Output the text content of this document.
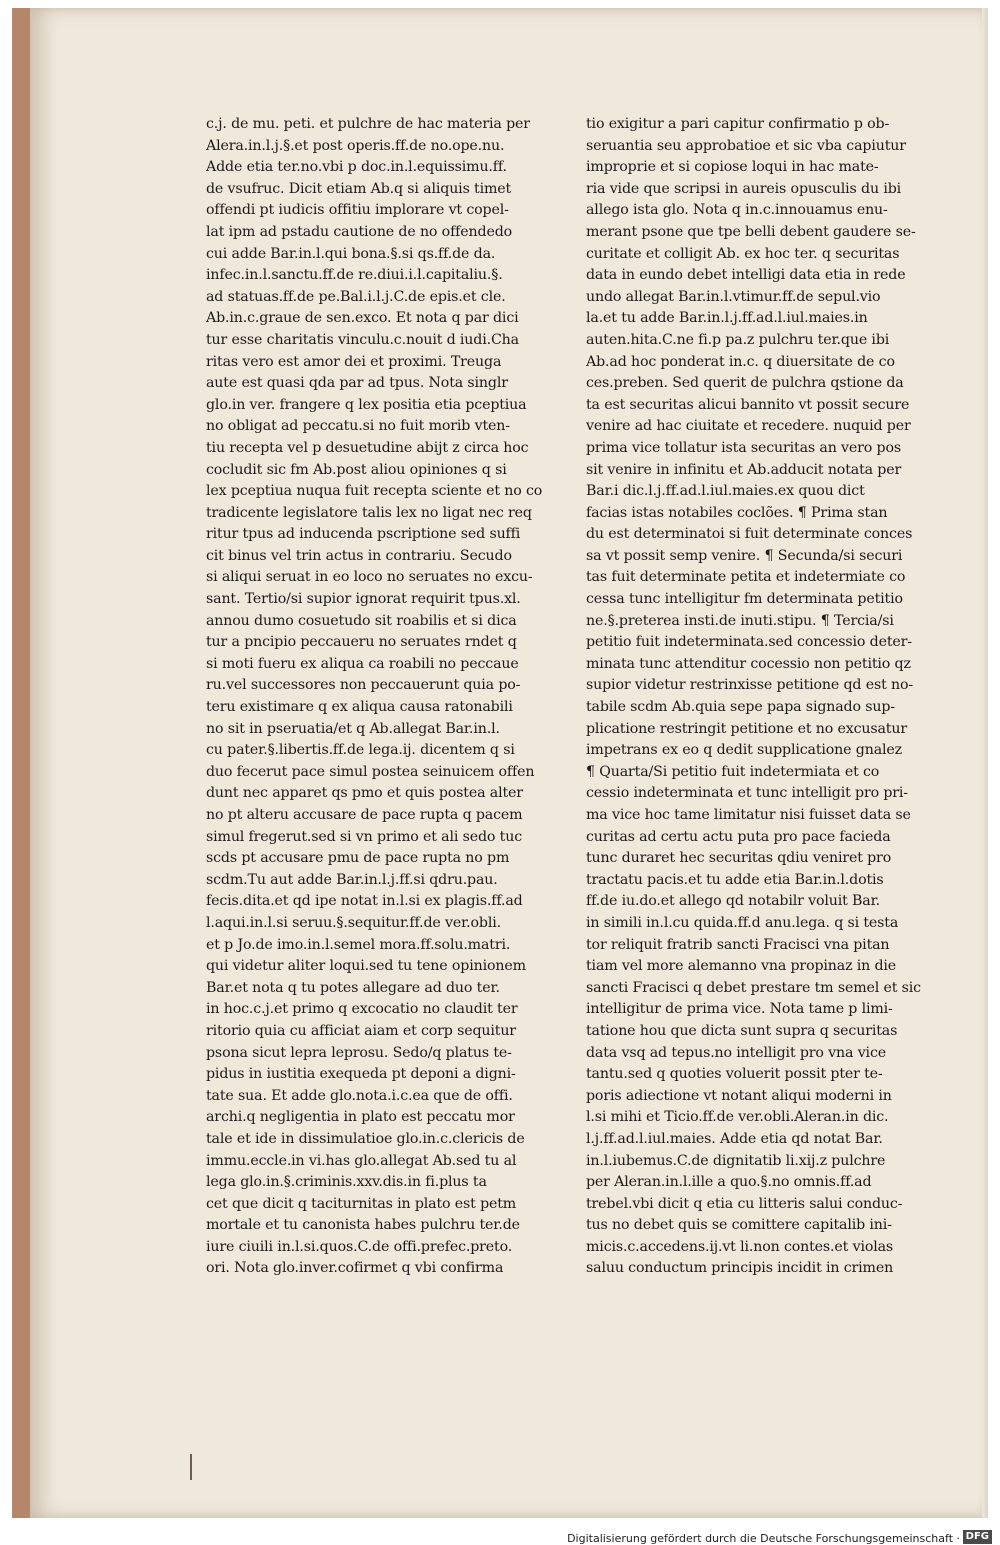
c.j. de mu. peti. et pulchre de hac materia per
Alera.in.l.j.§.et post operis.ff.de no.ope.nu.
Adde etia ter.no.vbi p doc.in.l.equissimu.ff.
de vsufruc. Dicit etiam Ab.q si aliquis timet
offendi pt iudicis offitiu implorare vt copel-
lat ipm ad pstadu cautione de no offendedo
cui adde Bar.in.l.qui bona.§.si qs.ff.de da.
infec.in.l.sanctu.ff.de re.diui.i.l.capitaliu.§.
ad statuas.ff.de pe.Bal.i.l.j.C.de epis.et cle.
Ab.in.c.graue de sen.exco. Et nota q par dici
tur esse charitatis vinculu.c.nouit d iudi.Cha
ritas vero est amor dei et proximi. Treuga
aute est quasi qda par ad tpus. Nota singlr
glo.in ver. frangere q lex positia etia pceptiua
no obligat ad peccatu.si no fuit morib vten-
tiu recepta vel p desuetudine abijt z circa hoc
cocludit sic fm Ab.post aliou opiniones q si
lex pceptiua nuqua fuit recepta sciente et no co
tradicente legislatore talis lex no ligat nec req
ritur tpus ad inducenda pscriptione sed suffi
cit binus vel trin actus in contrariu. Secudo
si aliqui seruat in eo loco no seruates no excu-
sant. Tertio/si supior ignorat requirit tpus.xl.
annou dumo cosuetudo sit roabilis et si dica
tur a pncipio peccaueru no seruates rndet q
si moti fueru ex aliqua ca roabili no peccaue
ru.vel successores non peccauerunt quia po-
teru existimare q ex aliqua causa ratonabili
no sit in pseruatia/et q Ab.allegat Bar.in.l.
cu pater.§.libertis.ff.de lega.ij. dicentem q si
duo fecerut pace simul postea seinuicem offen
dunt nec apparet qs pmo et quis postea alter
no pt alteru accusare de pace rupta q pacem
simul fregerut.sed si vn primo et ali sedo tuc
scds pt accusare pmu de pace rupta no pm
scdm.Tu aut adde Bar.in.l.j.ff.si qdru.pau.
fecis.dita.et qd ipe notat in.l.si ex plagis.ff.ad
l.aqui.in.l.si seruu.§.sequitur.ff.de ver.obli.
et p Jo.de imo.in.l.semel mora.ff.solu.matri.
qui videtur aliter loqui.sed tu tene opinionem
Bar.et nota q tu potes allegare ad duo ter.
in hoc.c.j.et primo q excocatio no claudit ter
ritorio quia cu afficiat aiam et corp sequitur
psona sicut lepra leprosu. Sedo/q platus te-
pidus in iustitia exequeda pt deponi a digni-
tate sua. Et adde glo.nota.i.c.ea que de offi.
archi.q negligentia in plato est peccatu mor
tale et ide in dissimulatioe glo.in.c.clericis de
immu.eccle.in vi.has glo.allegat Ab.sed tu al
lega glo.in.§.criminis.xxv.dis.in fi.plus ta
cet que dicit q taciturnitas in plato est petm
mortale et tu canonista habes pulchru ter.de
iure ciuili in.l.si.quos.C.de offi.prefec.preto.
ori. Nota glo.inver.cofirmet q vbi confirma
tio exigitur a pari capitur confirmatio p ob-
seruantia seu approbatioe et sic vba capiutur
improprie et si copiose loqui in hac mate-
ria vide que scripsi in aureis opusculis du ibi
allego ista glo. Nota q in.c.innouamus enu-
merant psone que tpe belli debent gaudere se-
curitate et colligit Ab. ex hoc ter. q securitas
data in eundo debet intelligi data etia in rede
undo allegat Bar.in.l.vtimur.ff.de sepul.vio
la.et tu adde Bar.in.l.j.ff.ad.l.iul.maies.in
auten.hita.C.ne fi.p pa.z pulchru ter.que ibi
Ab.ad hoc ponderat in.c. q diuersitate de co
ces.preben. Sed querit de pulchra qstione da
ta est securitas alicui bannito vt possit secure
venire ad hac ciuitate et recedere. nuquid per
prima vice tollatur ista securitas an vero pos
sit venire in infinitu et Ab.adducit notata per
Bar.i dic.l.j.ff.ad.l.iul.maies.ex quou dict
facias istas notabiles coclões. ¶ Prima stan
du est determinatoi si fuit determinate conces
sa vt possit semp venire. ¶ Secunda/si securi
tas fuit determinate petita et indetermiate co
cessa tunc intelligitur fm determinata petitio
ne.§.preterea insti.de inuti.stipu. ¶ Tercia/si
petitio fuit indeterminata.sed concessio deter-
minata tunc attenditur cocessio non petitio qz
supior videtur restrinxisse petitione qd est no-
tabile scdm Ab.quia sepe papa signado sup-
plicatione restringit petitione et no excusatur
impetrans ex eo q dedit supplicatione gnalez
¶ Quarta/Si petitio fuit indetermiata et co
cessio indeterminata et tunc intelligit pro pri-
ma vice hoc tame limitatur nisi fuisset data se
curitas ad certu actu puta pro pace facieda
tunc duraret hec securitas qdiu veniret pro
tractatu pacis.et tu adde etia Bar.in.l.dotis
ff.de iu.do.et allego qd notabilr voluit Bar.
in simili in.l.cu quida.ff.d anu.lega. q si testa
tor reliquit fratrib sancti Fracisci vna pitan
tiam vel more alemanno vna propinaz in die
sancti Fracisci q debet prestare tm semel et sic
intelligitur de prima vice. Nota tame p limi-
tatione hou que dicta sunt supra q securitas
data vsq ad tepus.no intelligit pro vna vice
tantu.sed q quoties voluerit possit pter te-
poris adiectione vt notant aliqui moderni in
l.si mihi et Ticio.ff.de ver.obli.Aleran.in dic.
l.j.ff.ad.l.iul.maies. Adde etia qd notat Bar.
in.l.iubemus.C.de dignitatib li.xij.z pulchre
per Aleran.in.l.ille a quo.§.no omnis.ff.ad
trebel.vbi dicit q etia cu litteris salui conduc-
tus no debet quis se comittere capitalib ini-
micis.c.accedens.ij.vt li.non contes.et violas
saluu conductum principis incidit in crimen
Digitalisierung gefördert durch die Deutsche Forschungsgemeinschaft · DFG
